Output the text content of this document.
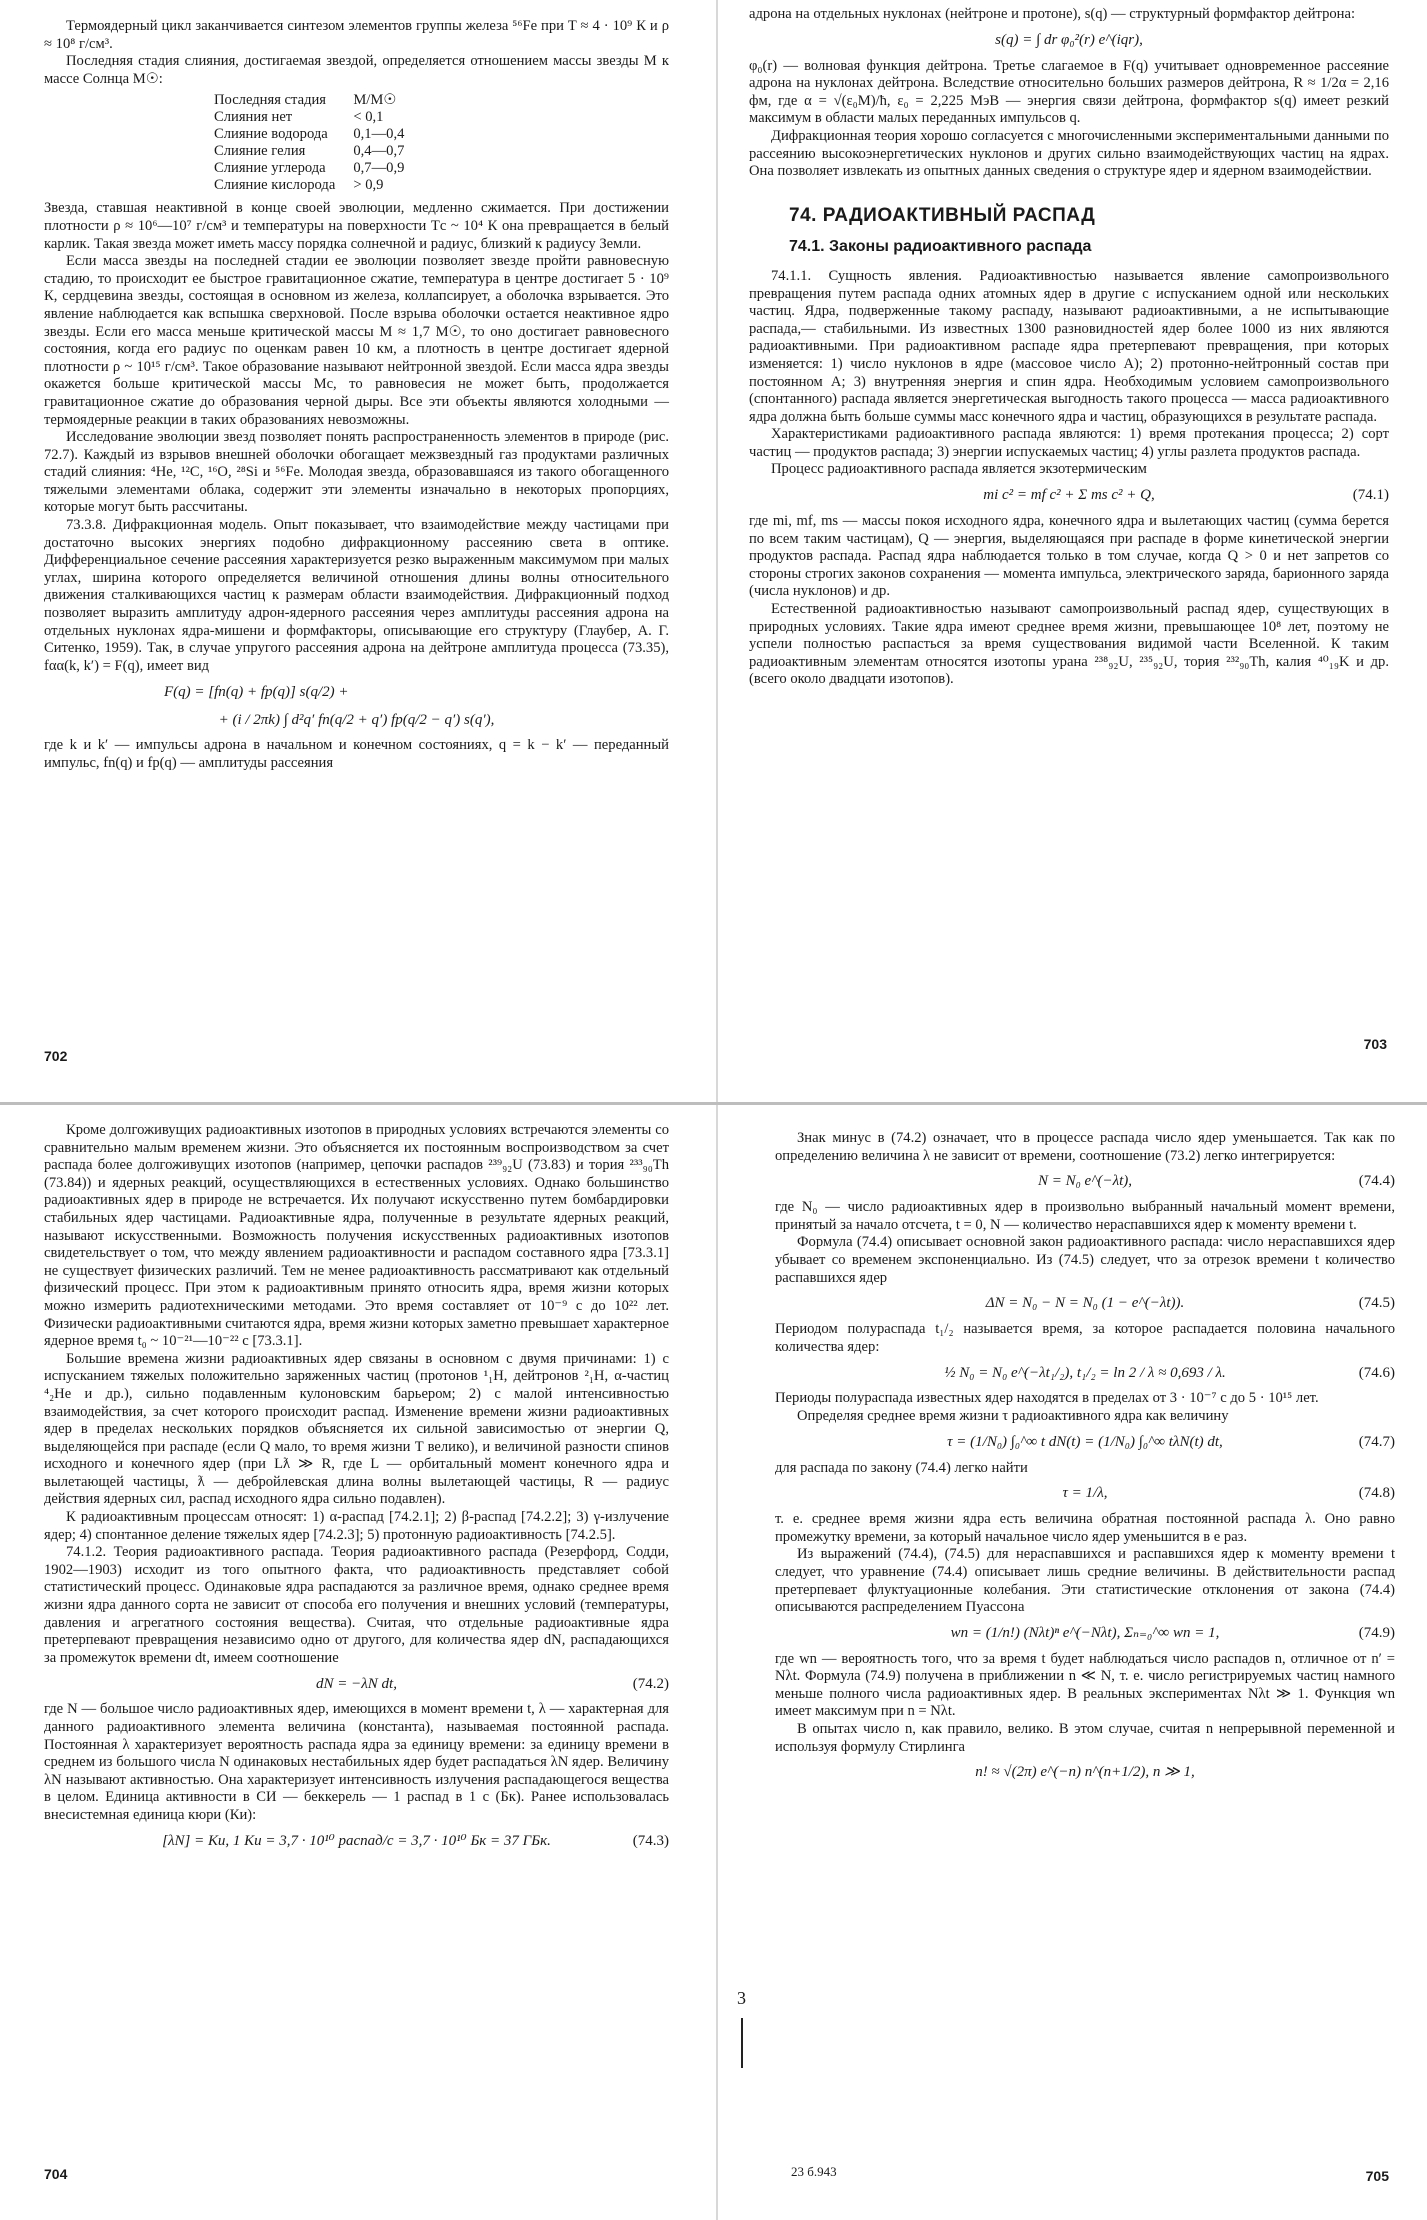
Термоядерный цикл заканчивается синтезом элементов группы железа ⁵⁶Fe при T ≈ 4 · 10⁹ К и ρ ≈ 10⁸ г/см³.

Последняя стадия слияния, достигаемая звездой, определяется отношением массы звезды M к массе Солнца M☉:

Последняя стадия	M/M☉
Слияния нет	< 0,1
Слияние водорода	0,1—0,4
Слияние гелия	0,4—0,7
Слияние углерода	0,7—0,9
Слияние кислорода	> 0,9

Звезда, ставшая неактивной в конце своей эволюции, медленно сжимается. При достижении плотности ρ ≈ 10⁶—10⁷ г/см³ и температуры на поверхности Tс ~ 10⁴ К она превращается в белый карлик. Такая звезда может иметь массу порядка солнечной и радиус, близкий к радиусу Земли.

Если масса звезды на последней стадии ее эволюции позволяет звезде пройти равновесную стадию, то происходит ее быстрое гравитационное сжатие, температура в центре достигает 5 · 10⁹ К, сердцевина звезды, состоящая в основном из железа, коллапсирует, а оболочка взрывается. Это явление наблюдается как вспышка сверхновой. После взрыва оболочки остается неактивное ядро звезды. Если его масса меньше критической массы M ≈ 1,7 M☉, то оно достигает равновесного состояния, когда его радиус по оценкам равен 10 км, а плотность в центре достигает ядерной плотности ρ ~ 10¹⁵ г/см³. Такое образование называют нейтронной звездой. Если масса ядра звезды окажется больше критической массы Mс, то равновесия не может быть, продолжается гравитационное сжатие до образования черной дыры. Все эти объекты являются холодными — термоядерные реакции в таких образованиях невозможны.

Исследование эволюции звезд позволяет понять распространенность элементов в природе (рис. 72.7). Каждый из взрывов внешней оболочки обогащает межзвездный газ продуктами различных стадий слияния: ⁴He, ¹²C, ¹⁶O, ²⁸Si и ⁵⁶Fe. Молодая звезда, образовавшаяся из такого обогащенного тяжелыми элементами облака, содержит эти элементы изначально в некоторых пропорциях, которые могут быть рассчитаны.

73.3.8. Дифракционная модель. Опыт показывает, что взаимодействие между частицами при достаточно высоких энергиях подобно дифракционному рассеянию света в оптике. Дифференциальное сечение рассеяния характеризуется резко выраженным максимумом при малых углах, ширина которого определяется величиной отношения длины волны относительного движения сталкивающихся частиц к размерам области взаимодействия. Дифракционный подход позволяет выразить амплитуду адрон-ядерного рассеяния через амплитуды рассеяния адрона на отдельных нуклонах ядра-мишени и формфакторы, описывающие его структуру (Глаубер, А. Г. Ситенко, 1959). Так, в случае упругого рассеяния адрона на дейтроне амплитуда процесса (73.35), fαα(k, k′) = F(q), имеет вид

F(q) = [fn(q) + fp(q)] s(q/2) +
+ (i / 2πk) ∫ d²q′ fn(q/2 + q′) fp(q/2 − q′) s(q′),

где k и k′ — импульсы адрона в начальном и конечном состояниях, q = k − k′ — переданный импульс, fn(q) и fp(q) — амплитуды рассеяния

702

адрона на отдельных нуклонах (нейтроне и протоне), s(q) — структурный формфактор дейтрона:

s(q) = ∫ dr φ₀²(r) e^(iqr),

φ₀(r) — волновая функция дейтрона. Третье слагаемое в F(q) учитывает одновременное рассеяние адрона на нуклонах дейтрона. Вследствие относительно больших размеров дейтрона, R ≈ 1/2α = 2,16 фм, где α = √(ε₀M)/ħ, ε₀ = 2,225 МэВ — энергия связи дейтрона, формфактор s(q) имеет резкий максимум в области малых переданных импульсов q.

Дифракционная теория хорошо согласуется с многочисленными экспериментальными данными по рассеянию высокоэнергетических нуклонов и других сильно взаимодействующих частиц на ядрах. Она позволяет извлекать из опытных данных сведения о структуре ядер и ядерном взаимодействии.

74. РАДИОАКТИВНЫЙ РАСПАД
74.1. Законы радиоактивного распада

74.1.1. Сущность явления. Радиоактивностью называется явление самопроизвольного превращения путем распада одних атомных ядер в другие с испусканием одной или нескольких частиц. Ядра, подверженные такому распаду, называют радиоактивными, а не испытывающие распада,— стабильными. Из известных 1300 разновидностей ядер более 1000 из них являются радиоактивными. При радиоактивном распаде ядра претерпевают превращения, при которых изменяется: 1) число нуклонов в ядре (массовое число A); 2) протонно-нейтронный состав при постоянном A; 3) внутренняя энергия и спин ядра. Необходимым условием самопроизвольного (спонтанного) распада является энергетическая выгодность такого процесса — масса радиоактивного ядра должна быть больше суммы масс конечного ядра и частиц, образующихся в результате распада.

Характеристиками радиоактивного распада являются: 1) время протекания процесса; 2) сорт частиц — продуктов распада; 3) энергии испускаемых частиц; 4) углы разлета продуктов распада.

Процесс радиоактивного распада является экзотермическим

mi c² = mf c² + Σ ms c² + Q,	(74.1)

где mi, mf, ms — массы покоя исходного ядра, конечного ядра и вылетающих частиц (сумма берется по всем таким частицам), Q — энергия, выделяющаяся при распаде в форме кинетической энергии продуктов распада. Распад ядра наблюдается только в том случае, когда Q > 0 и нет запретов со стороны строгих законов сохранения — момента импульса, электрического заряда, барионного заряда (числа нуклонов) и др.

Естественной радиоактивностью называют самопроизвольный распад ядер, существующих в природных условиях. Такие ядра имеют среднее время жизни, превышающее 10⁸ лет, поэтому не успели полностью распасться за время существования видимой части Вселенной. К таким радиоактивным элементам относятся изотопы урана ²³⁸₉₂U, ²³⁵₉₂U, тория ²³²₉₀Th, калия ⁴⁰₁₉K и др. (всего около двадцати изотопов).

703

Кроме долгоживущих радиоактивных изотопов в природных условиях встречаются элементы со сравнительно малым временем жизни. Это объясняется их постоянным воспроизводством за счет распада более долгоживущих изотопов (например, цепочки распадов ²³⁹₉₂U (73.83) и тория ²³³₉₀Th (73.84)) и ядерных реакций, осуществляющихся в естественных условиях. Однако большинство радиоактивных ядер в природе не встречается. Их получают искусственно путем бомбардировки стабильных ядер частицами. Радиоактивные ядра, полученные в результате ядерных реакций, называют искусственными. Возможность получения искусственных радиоактивных изотопов свидетельствует о том, что между явлением радиоактивности и распадом составного ядра [73.3.1] не существует физических различий. Тем не менее радиоактивность рассматривают как отдельный физический процесс. При этом к радиоактивным принято относить ядра, время жизни которых можно измерить радиотехническими методами. Это время составляет от 10⁻⁹ с до 10²² лет. Физически радиоактивными считаются ядра, время жизни которых заметно превышает характерное ядерное время t₀ ~ 10⁻²¹—10⁻²² с [73.3.1].

Большие времена жизни радиоактивных ядер связаны в основном с двумя причинами: 1) с испусканием тяжелых положительно заряженных частиц (протонов ¹₁H, дейтронов ²₁H, α-частиц ⁴₂He и др.), сильно подавленным кулоновским барьером; 2) с малой интенсивностью взаимодействия, за счет которого происходит распад. Изменение времени жизни радиоактивных ядер в пределах нескольких порядков объясняется их сильной зависимостью от энергии Q, выделяющейся при распаде (если Q мало, то время жизни T велико), и величиной разности спинов исходного и конечного ядер (при Lƛ ≫ R, где L — орбитальный момент конечного ядра и вылетающей частицы, ƛ — дебройлевская длина волны вылетающей частицы, R — радиус действия ядерных сил, распад исходного ядра сильно подавлен).

К радиоактивным процессам относят: 1) α-распад [74.2.1]; 2) β-распад [74.2.2]; 3) γ-излучение ядер; 4) спонтанное деление тяжелых ядер [74.2.3]; 5) протонную радиоактивность [74.2.5].

74.1.2. Теория радиоактивного распада. Теория радиоактивного распада (Резерфорд, Содди, 1902—1903) исходит из того опытного факта, что радиоактивность представляет собой статистический процесс. Одинаковые ядра распадаются за различное время, однако среднее время жизни ядра данного сорта не зависит от способа его получения и внешних условий (температуры, давления и агрегатного состояния вещества). Считая, что отдельные радиоактивные ядра претерпевают превращения независимо одно от другого, для количества ядер dN, распадающихся за промежуток времени dt, имеем соотношение

dN = −λN dt,	(74.2)

где N — большое число радиоактивных ядер, имеющихся в момент времени t, λ — характерная для данного радиоактивного элемента величина (константа), называемая постоянной распада. Постоянная λ характеризует вероятность распада ядра за единицу времени: за единицу времени в среднем из большого числа N одинаковых нестабильных ядер будет распадаться λN ядер. Величину λN называют активностью. Она характеризует интенсивность излучения распадающегося вещества в целом. Единица активности в СИ — беккерель — 1 распад в 1 с (Бк). Ранее использовалась внесистемная единица кюри (Ки):

[λN] = Ки, 1 Ки = 3,7 · 10¹⁰ распад/с = 3,7 · 10¹⁰ Бк = 37 ГБк.	(74.3)
704
3

Знак минус в (74.2) означает, что в процессе распада число ядер уменьшается. Так как по определению величина λ не зависит от времени, соотношение (73.2) легко интегрируется:

N = N₀ e^(−λt),	(74.4)

где N₀ — число радиоактивных ядер в произвольно выбранный начальный момент времени, принятый за начало отсчета, t = 0, N — количество нераспавшихся ядер к моменту времени t.

Формула (74.4) описывает основной закон радиоактивного распада: число нераспавшихся ядер убывает со временем экспоненциально. Из (74.5) следует, что за отрезок времени t количество распавшихся ядер

ΔN = N₀ − N = N₀ (1 − e^(−λt)).	(74.5)

Периодом полураспада t₁/₂ называется время, за которое распадается половина начального количества ядер:

½ N₀ = N₀ e^(−λt₁/₂), t₁/₂ = ln 2 / λ ≈ 0,693 / λ.	(74.6)

Периоды полураспада известных ядер находятся в пределах от 3 · 10⁻⁷ с до 5 · 10¹⁵ лет.

Определяя среднее время жизни τ радиоактивного ядра как величину

τ = (1/N₀) ∫₀^∞ t dN(t) = (1/N₀) ∫₀^∞ tλN(t) dt,	(74.7)

для распада по закону (74.4) легко найти

τ = 1/λ,	(74.8)

т. е. среднее время жизни ядра есть величина обратная постоянной распада λ. Оно равно промежутку времени, за который начальное число ядер уменьшится в e раз.

Из выражений (74.4), (74.5) для нераспавшихся и распавшихся ядер к моменту времени t следует, что уравнение (74.4) описывает лишь средние величины. В действительности распад претерпевает флуктуационные колебания. Эти статистические отклонения от закона (74.4) описываются распределением Пуассона

wn = (1/n!) (Nλt)ⁿ e^(−Nλt), Σₙ₌₀^∞ wn = 1,	(74.9)

где wn — вероятность того, что за время t будет наблюдаться число распадов n, отличное от n′ = Nλt. Формула (74.9) получена в приближении n ≪ N, т. е. число регистрируемых частиц намного меньше полного числа радиоактивных ядер. В реальных экспериментах Nλt ≫ 1. Функция wn имеет максимум при n = Nλt.

В опытах число n, как правило, велико. В этом случае, считая n непрерывной переменной и используя формулу Стирлинга

n! ≈ √(2π) e^(−n) n^(n+1/2), n ≫ 1,
23 б.943	705
